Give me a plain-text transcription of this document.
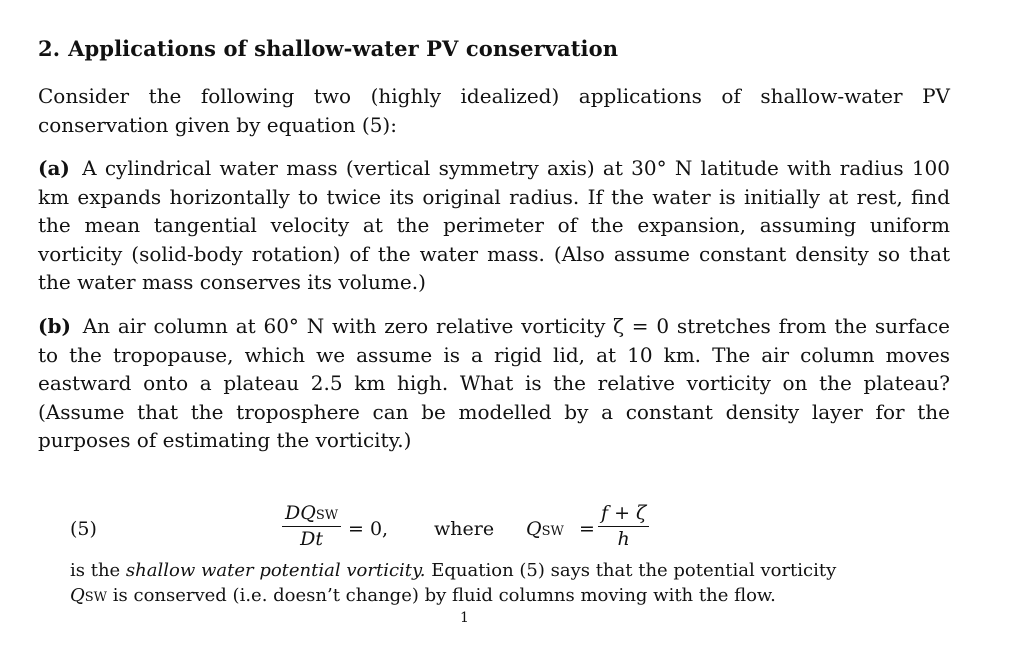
2. Applications of shallow-water PV conservation
Consider the following two (highly idealized) applications of shallow-water PV conservation given by equation (5):
(a) A cylindrical water mass (vertical symmetry axis) at 30° N latitude with radius 100 km expands horizontally to twice its original radius. If the water is initially at rest, find the mean tangential velocity at the perimeter of the expansion, assuming uniform vorticity (solid-body rotation) of the water mass. (Also assume constant density so that the water mass conserves its volume.)
(b) An air column at 60° N with zero relative vorticity ζ = 0 stretches from the surface to the tropopause, which we assume is a rigid lid, at 10 km. The air column moves eastward onto a plateau 2.5 km high. What is the relative vorticity on the plateau? (Assume that the troposphere can be modelled by a constant density layer for the purposes of estimating the vorticity.)
(5)
DQSW
Dt = 0, where QSW =
f + ζ
h
is the shallow water potential vorticity. Equation (5) says that the potential vorticity
QSW is conserved (i.e. doesn’t change) by fluid columns moving with the flow.
1
